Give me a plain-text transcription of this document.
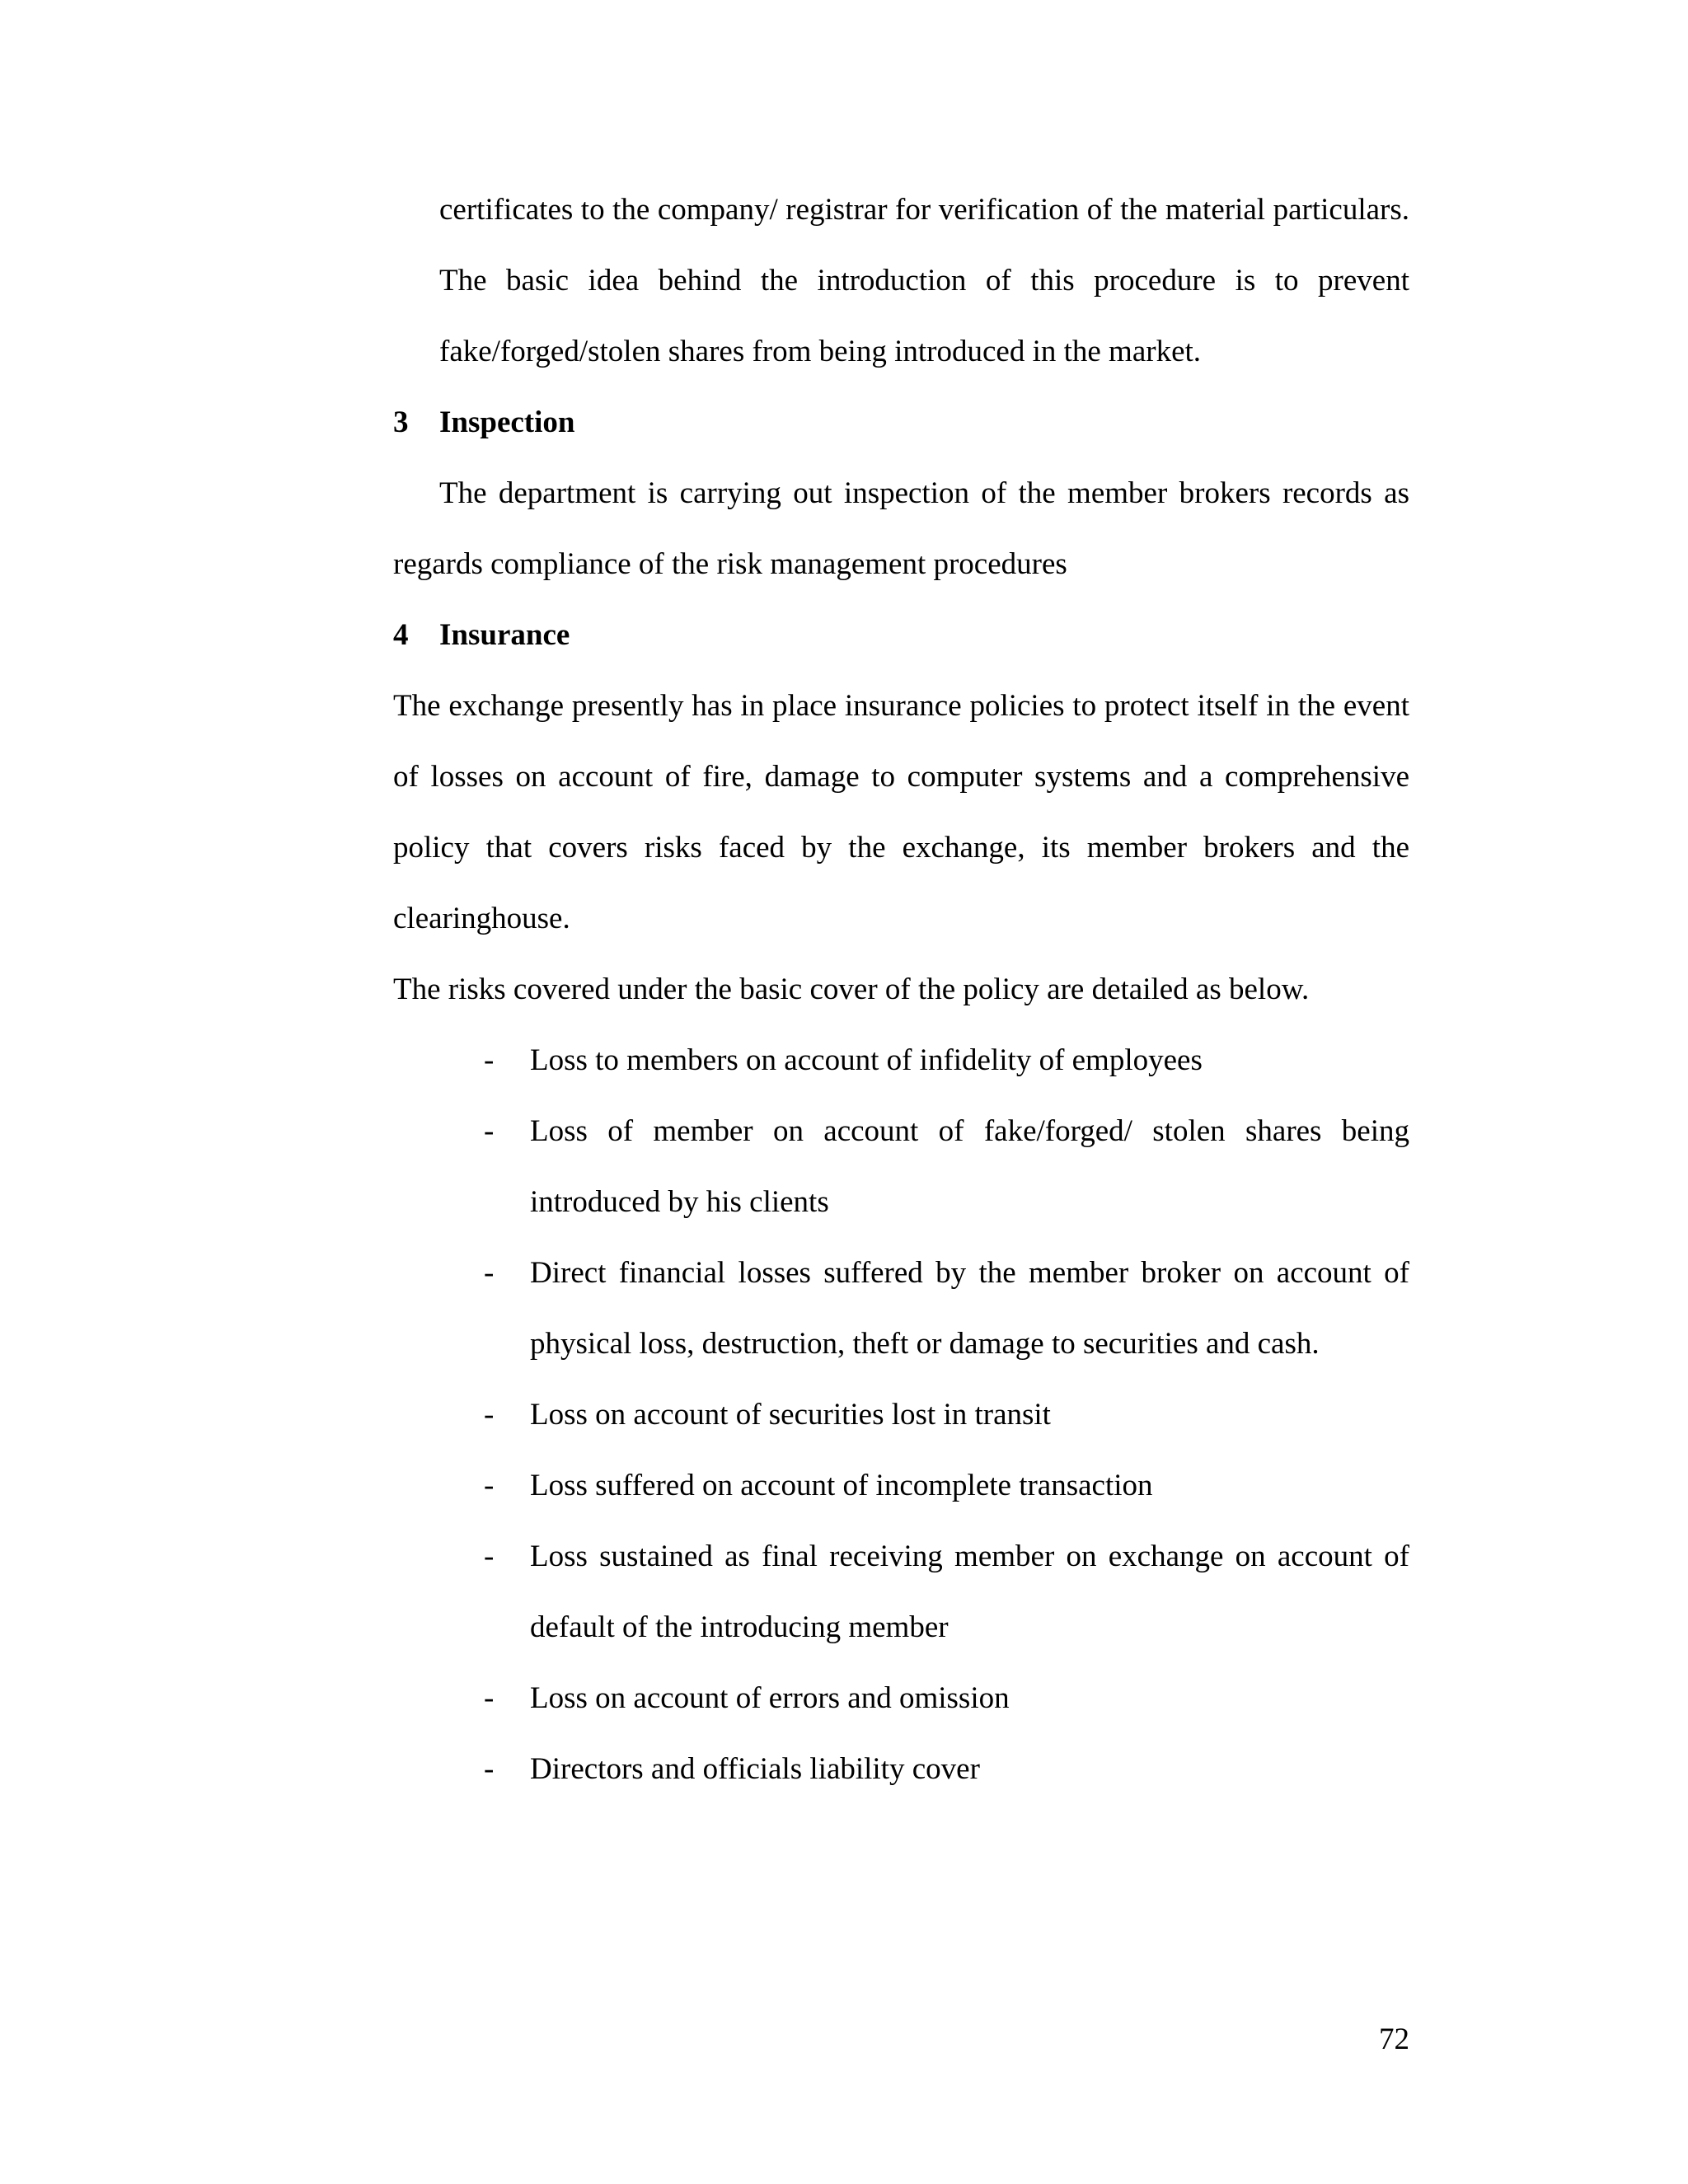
certificates to the company/ registrar for verification of the material particulars. The basic idea behind the introduction of this procedure is to prevent fake/forged/stolen shares from being introduced in the market.

3	Inspection

The department is carrying out inspection of the member brokers records as regards compliance of the risk management procedures

4	Insurance

The exchange presently has in place insurance policies to protect itself in the event of losses on account of fire, damage to computer systems and a comprehensive policy that covers risks faced by the exchange, its member brokers and the clearinghouse.

The risks covered under the basic cover of the policy are detailed as below.

-	Loss to members on account of infidelity of employees
-	Loss of member on account of fake/forged/ stolen shares being introduced by his clients
-	Direct financial losses suffered by the member broker on account of physical loss, destruction, theft or damage to securities and cash.
-	Loss on account of securities lost in transit
-	Loss suffered on account of incomplete transaction
-	Loss sustained as final receiving member on exchange on account of default of the introducing member
-	Loss on account of errors and omission
-	Directors and officials liability cover
72
